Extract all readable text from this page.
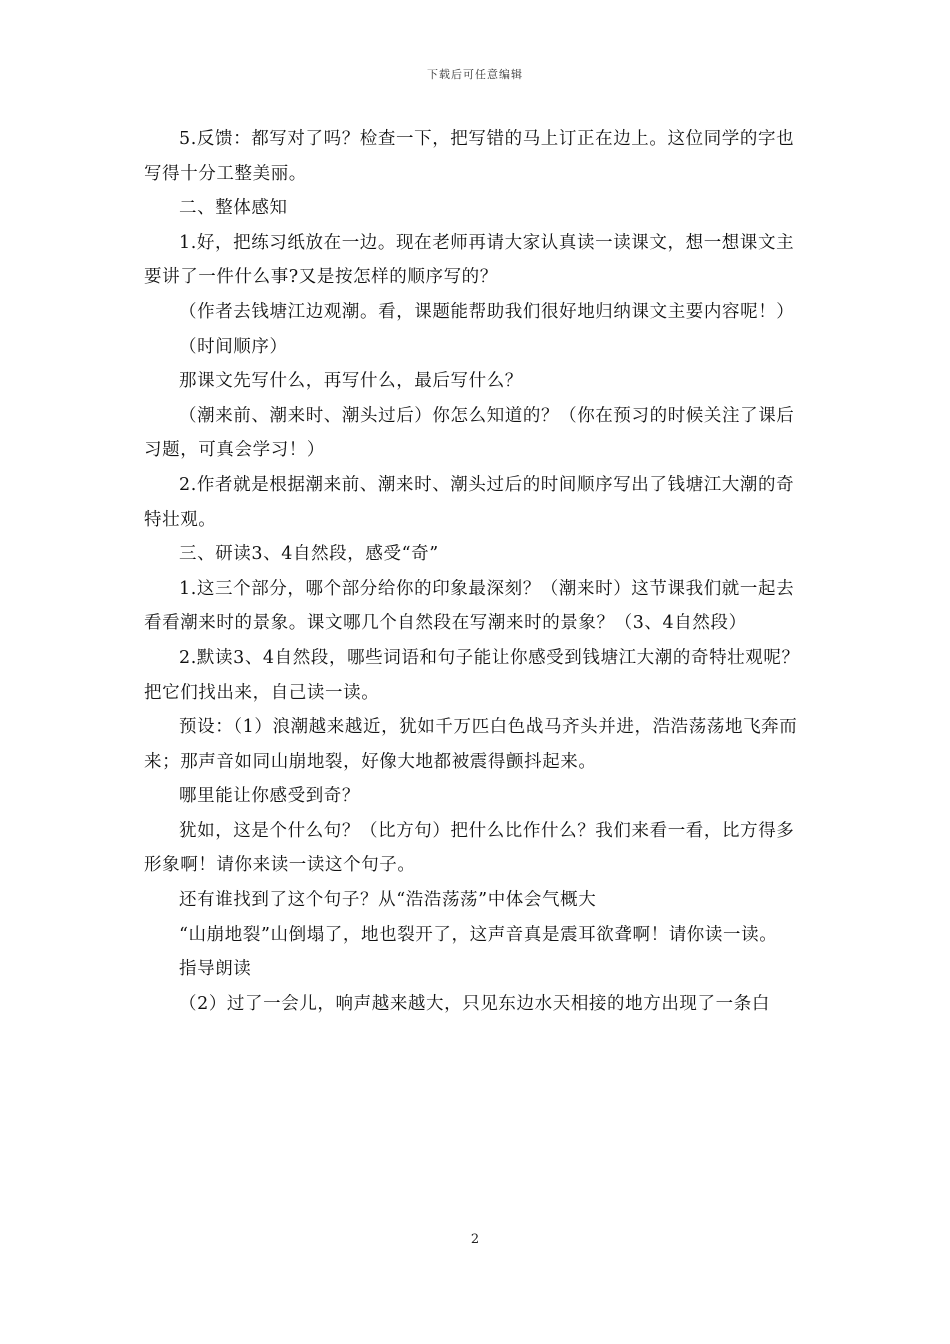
下载后可任意编辑

5.反馈：都写对了吗？检查一下，把写错的马上订正在边上。这位同学的字也写得十分工整美丽。

二、整体感知

1.好，把练习纸放在一边。现在老师再请大家认真读一读课文，想一想课文主要讲了一件什么事?又是按怎样的顺序写的？

（作者去钱塘江边观潮。看，课题能帮助我们很好地归纳课文主要内容呢！）

（时间顺序）

那课文先写什么，再写什么，最后写什么？

（潮来前、潮来时、潮头过后）你怎么知道的？（你在预习的时候关注了课后习题，可真会学习！）

2.作者就是根据潮来前、潮来时、潮头过后的时间顺序写出了钱塘江大潮的奇特壮观。

三、研读3、4自然段，感受“奇”

1.这三个部分，哪个部分给你的印象最深刻？（潮来时）这节课我们就一起去看看潮来时的景象。课文哪几个自然段在写潮来时的景象？（3、4自然段）

2.默读3、4自然段，哪些词语和句子能让你感受到钱塘江大潮的奇特壮观呢？把它们找出来，自己读一读。

预设：（1）浪潮越来越近，犹如千万匹白色战马齐头并进，浩浩荡荡地飞奔而来；那声音如同山崩地裂，好像大地都被震得颤抖起来。

哪里能让你感受到奇？

犹如，这是个什么句？（比方句）把什么比作什么？我们来看一看，比方得多形象啊！请你来读一读这个句子。

还有谁找到了这个句子？从“浩浩荡荡”中体会气概大

“山崩地裂”山倒塌了，地也裂开了，这声音真是震耳欲聋啊！请你读一读。

指导朗读

（2）过了一会儿，响声越来越大，只见东边水天相接的地方出现了一条白

2
